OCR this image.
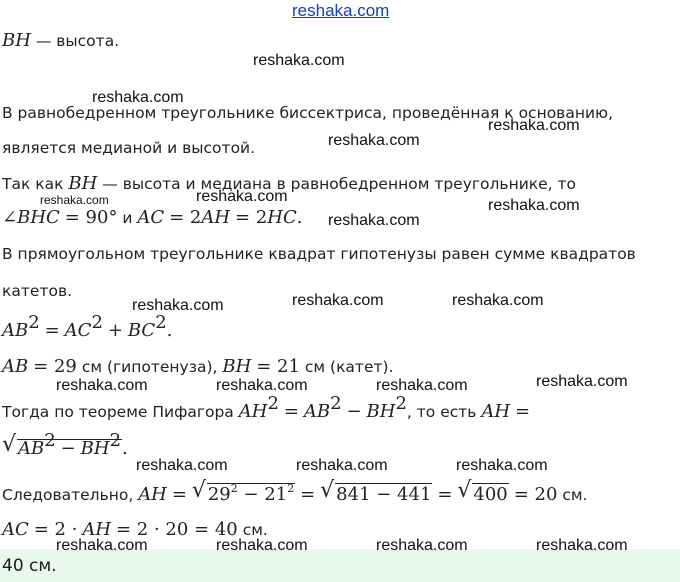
reshaka.com
BH — высота.
В равнобедренном треугольнике биссектриса, проведённая к основанию,
является медианой и высотой.
Так как BH — высота и медиана в равнобедренном треугольнике, то
∠BHC = 90° и AC = 2AH = 2HC.
В прямоугольном треугольнике квадрат гипотенузы равен сумме квадратов
катетов.
$AB^2 = AC^2 + BC^2$.
AB = 29 см (гипотенуза), BH = 21 см (катет).
Тогда по теореме Пифагора $AH^2 = AB^2 - BH^2$, то есть AH =
√ $AB^2 - BH^2$.
Следовательно, AH = √ $29^2 - 21^2$ = √ 841 − 441 = √ 400 = 20 см.
AC = 2 · AH = 2 · 20 = 40 см.
40 см.
reshaka.com
reshaka.com
reshaka.com
reshaka.com
reshaka.com	reshaka.com
reshaka.com
reshaka.com
reshaka.com	reshaka.com	reshaka.com
reshaka.com	reshaka.com	reshaka.com	reshaka.com
reshaka.com	reshaka.com	reshaka.com
reshaka.com	reshaka.com	reshaka.com	reshaka.com
